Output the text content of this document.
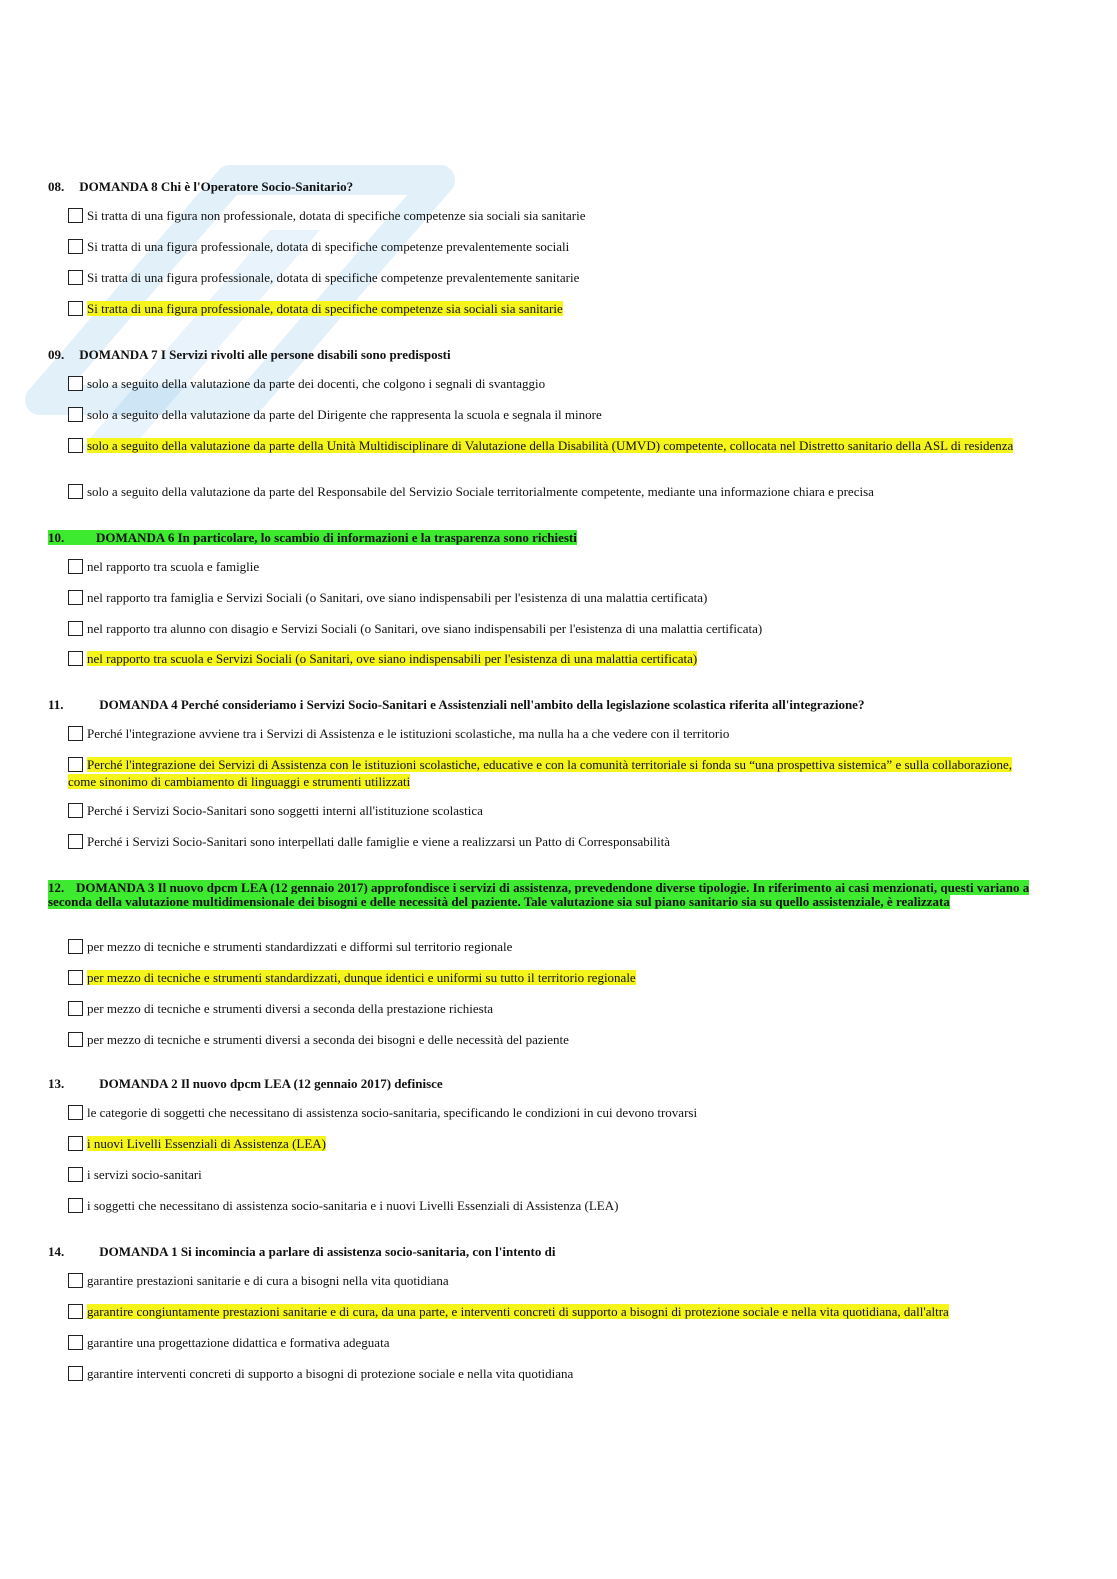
08. DOMANDA 8 Chi è l'Operatore Socio-Sanitario?
Si tratta di una figura non professionale, dotata di specifiche competenze sia sociali sia sanitarie
Si tratta di una figura professionale, dotata di specifiche competenze prevalentemente sociali
Si tratta di una figura professionale, dotata di specifiche competenze prevalentemente sanitarie
Si tratta di una figura professionale, dotata di specifiche competenze sia sociali sia sanitarie
09. DOMANDA 7 I Servizi rivolti alle persone disabili sono predisposti
solo a seguito della valutazione da parte dei docenti, che colgono i segnali di svantaggio
solo a seguito della valutazione da parte del Dirigente che rappresenta la scuola e segnala il minore
solo a seguito della valutazione da parte della Unità Multidisciplinare di Valutazione della Disabilità (UMVD) competente, collocata nel Distretto sanitario della ASL di residenza
solo a seguito della valutazione da parte del Responsabile del Servizio Sociale territorialmente competente, mediante una informazione chiara e precisa
10. DOMANDA 6 In particolare, lo scambio di informazioni e la trasparenza sono richiesti
nel rapporto tra scuola e famiglie
nel rapporto tra famiglia e Servizi Sociali (o Sanitari, ove siano indispensabili per l'esistenza di una malattia certificata)
nel rapporto tra alunno con disagio e Servizi Sociali (o Sanitari, ove siano indispensabili per l'esistenza di una malattia certificata)
nel rapporto tra scuola e Servizi Sociali (o Sanitari, ove siano indispensabili per l'esistenza di una malattia certificata)
11.	DOMANDA 4 Perché consideriamo i Servizi Socio-Sanitari e Assistenziali nell'ambito della legislazione scolastica riferita all'integrazione?
Perché l'integrazione avviene tra i Servizi di Assistenza e le istituzioni scolastiche, ma nulla ha a che vedere con il territorio
Perché l'integrazione dei Servizi di Assistenza con le istituzioni scolastiche, educative e con la comunità territoriale si fonda su “una prospettiva sistemica” e sulla collaborazione, come sinonimo di cambiamento di linguaggi e strumenti utilizzati
Perché i Servizi Socio-Sanitari sono soggetti interni all'istituzione scolastica
Perché i Servizi Socio-Sanitari sono interpellati dalle famiglie e viene a realizzarsi un Patto di Corresponsabilità
12. DOMANDA 3 Il nuovo dpcm LEA (12 gennaio 2017) approfondisce i servizi di assistenza, prevedendone diverse tipologie. In riferimento ai casi menzionati, questi variano a seconda della valutazione multidimensionale dei bisogni e delle necessità del paziente. Tale valutazione sia sul piano sanitario sia su quello assistenziale, è realizzata
per mezzo di tecniche e strumenti standardizzati e difformi sul territorio regionale
per mezzo di tecniche e strumenti standardizzati, dunque identici e uniformi su tutto il territorio regionale
per mezzo di tecniche e strumenti diversi a seconda della prestazione richiesta
per mezzo di tecniche e strumenti diversi a seconda dei bisogni e delle necessità del paziente
13.	DOMANDA 2 Il nuovo dpcm LEA (12 gennaio 2017) definisce
le categorie di soggetti che necessitano di assistenza socio-sanitaria, specificando le condizioni in cui devono trovarsi
i nuovi Livelli Essenziali di Assistenza (LEA)
i servizi socio-sanitari
i soggetti che necessitano di assistenza socio-sanitaria e i nuovi Livelli Essenziali di Assistenza (LEA)
14.	DOMANDA 1 Si incomincia a parlare di assistenza socio-sanitaria, con l'intento di
garantire prestazioni sanitarie e di cura a bisogni nella vita quotidiana
garantire congiuntamente prestazioni sanitarie e di cura, da una parte, e interventi concreti di supporto a bisogni di protezione sociale e nella vita quotidiana, dall'altra
garantire una progettazione didattica e formativa adeguata
garantire interventi concreti di supporto a bisogni di protezione sociale e nella vita quotidiana
